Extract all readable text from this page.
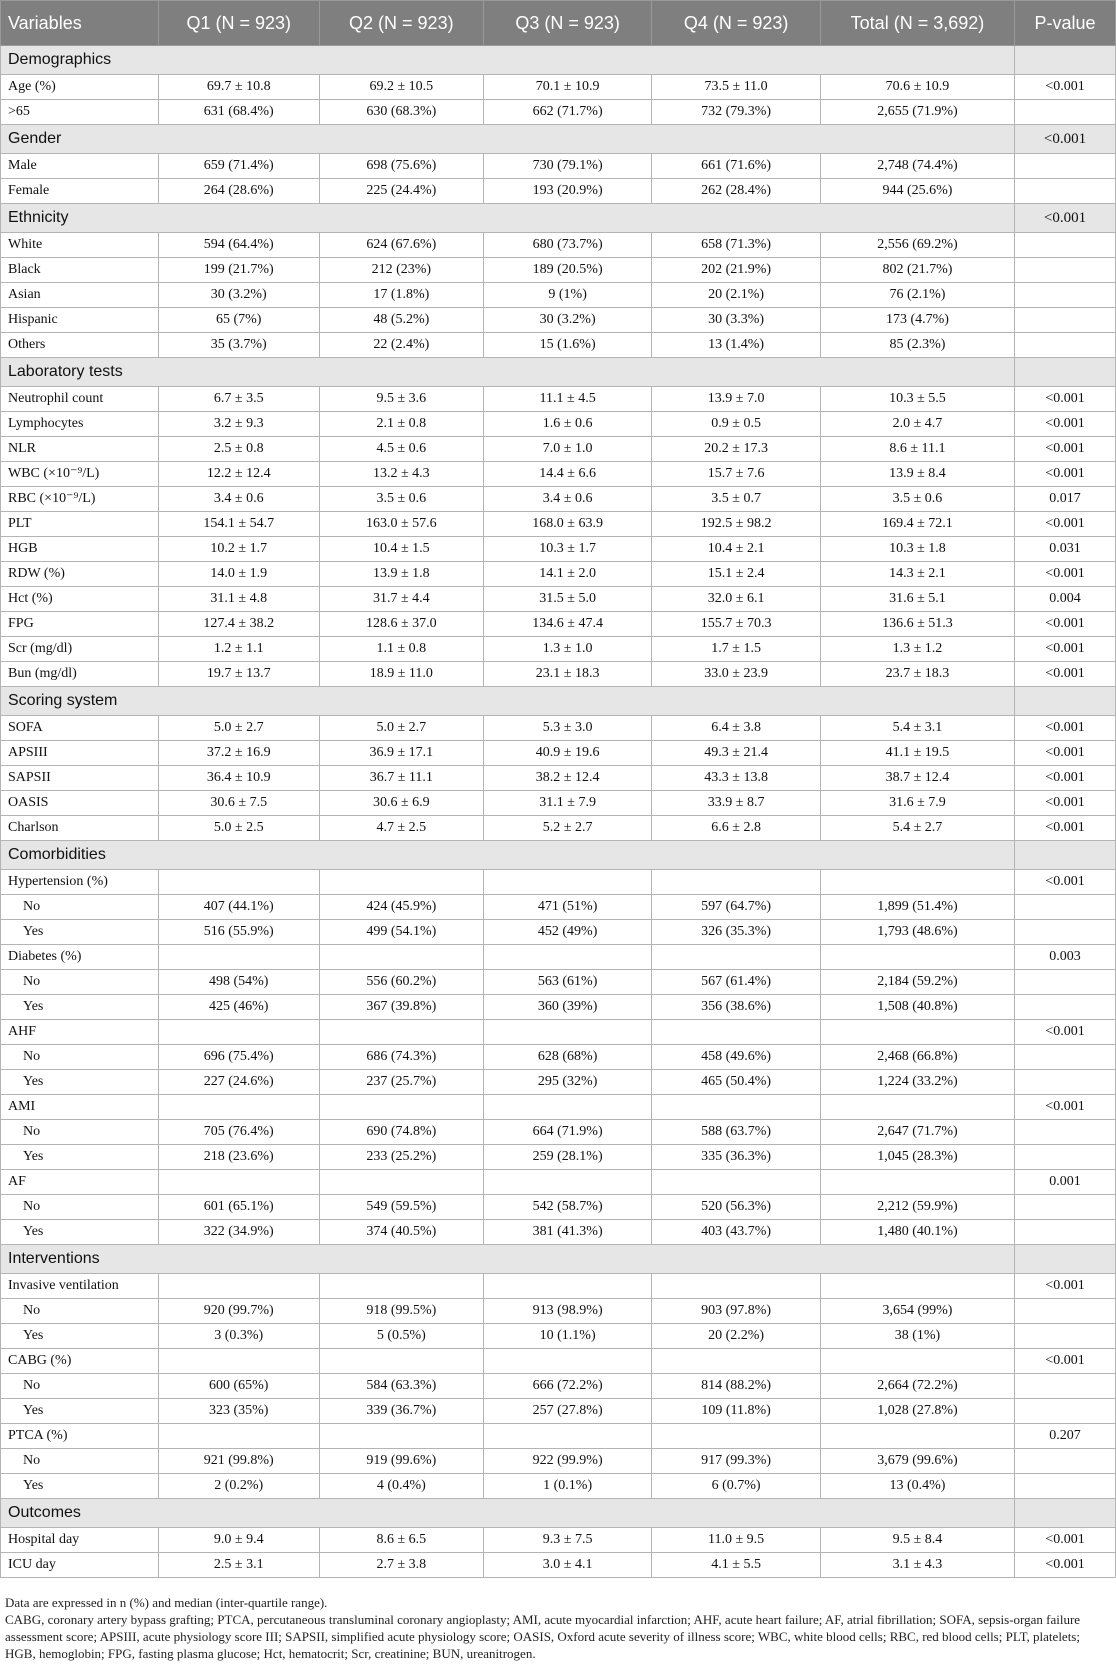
Variables	Q1 (N = 923)	Q2 (N = 923)	Q3 (N = 923)	Q4 (N = 923)	Total (N = 3,692)	P-value
Demographics						
Age (%)	69.7 ± 10.8	69.2 ± 10.5	70.1 ± 10.9	73.5 ± 11.0	70.6 ± 10.9	<0.001
>65	631 (68.4%)	630 (68.3%)	662 (71.7%)	732 (79.3%)	2,655 (71.9%)	
Gender						<0.001
Male	659 (71.4%)	698 (75.6%)	730 (79.1%)	661 (71.6%)	2,748 (74.4%)	
Female	264 (28.6%)	225 (24.4%)	193 (20.9%)	262 (28.4%)	944 (25.6%)	
Ethnicity						<0.001
White	594 (64.4%)	624 (67.6%)	680 (73.7%)	658 (71.3%)	2,556 (69.2%)	
Black	199 (21.7%)	212 (23%)	189 (20.5%)	202 (21.9%)	802 (21.7%)	
Asian	30 (3.2%)	17 (1.8%)	9 (1%)	20 (2.1%)	76 (2.1%)	
Hispanic	65 (7%)	48 (5.2%)	30 (3.2%)	30 (3.3%)	173 (4.7%)	
Others	35 (3.7%)	22 (2.4%)	15 (1.6%)	13 (1.4%)	85 (2.3%)	
Laboratory tests						
Neutrophil count	6.7 ± 3.5	9.5 ± 3.6	11.1 ± 4.5	13.9 ± 7.0	10.3 ± 5.5	<0.001
Lymphocytes	3.2 ± 9.3	2.1 ± 0.8	1.6 ± 0.6	0.9 ± 0.5	2.0 ± 4.7	<0.001
NLR	2.5 ± 0.8	4.5 ± 0.6	7.0 ± 1.0	20.2 ± 17.3	8.6 ± 11.1	<0.001
WBC (×10⁻⁹/L)	12.2 ± 12.4	13.2 ± 4.3	14.4 ± 6.6	15.7 ± 7.6	13.9 ± 8.4	<0.001
RBC (×10⁻⁹/L)	3.4 ± 0.6	3.5 ± 0.6	3.4 ± 0.6	3.5 ± 0.7	3.5 ± 0.6	0.017
PLT	154.1 ± 54.7	163.0 ± 57.6	168.0 ± 63.9	192.5 ± 98.2	169.4 ± 72.1	<0.001
HGB	10.2 ± 1.7	10.4 ± 1.5	10.3 ± 1.7	10.4 ± 2.1	10.3 ± 1.8	0.031
RDW (%)	14.0 ± 1.9	13.9 ± 1.8	14.1 ± 2.0	15.1 ± 2.4	14.3 ± 2.1	<0.001
Hct (%)	31.1 ± 4.8	31.7 ± 4.4	31.5 ± 5.0	32.0 ± 6.1	31.6 ± 5.1	0.004
FPG	127.4 ± 38.2	128.6 ± 37.0	134.6 ± 47.4	155.7 ± 70.3	136.6 ± 51.3	<0.001
Scr (mg/dl)	1.2 ± 1.1	1.1 ± 0.8	1.3 ± 1.0	1.7 ± 1.5	1.3 ± 1.2	<0.001
Bun (mg/dl)	19.7 ± 13.7	18.9 ± 11.0	23.1 ± 18.3	33.0 ± 23.9	23.7 ± 18.3	<0.001
Scoring system						
SOFA	5.0 ± 2.7	5.0 ± 2.7	5.3 ± 3.0	6.4 ± 3.8	5.4 ± 3.1	<0.001
APSIII	37.2 ± 16.9	36.9 ± 17.1	40.9 ± 19.6	49.3 ± 21.4	41.1 ± 19.5	<0.001
SAPSII	36.4 ± 10.9	36.7 ± 11.1	38.2 ± 12.4	43.3 ± 13.8	38.7 ± 12.4	<0.001
OASIS	30.6 ± 7.5	30.6 ± 6.9	31.1 ± 7.9	33.9 ± 8.7	31.6 ± 7.9	<0.001
Charlson	5.0 ± 2.5	4.7 ± 2.5	5.2 ± 2.7	6.6 ± 2.8	5.4 ± 2.7	<0.001
Comorbidities						
Hypertension (%)						<0.001
No	407 (44.1%)	424 (45.9%)	471 (51%)	597 (64.7%)	1,899 (51.4%)	
Yes	516 (55.9%)	499 (54.1%)	452 (49%)	326 (35.3%)	1,793 (48.6%)	
Diabetes (%)						0.003
No	498 (54%)	556 (60.2%)	563 (61%)	567 (61.4%)	2,184 (59.2%)	
Yes	425 (46%)	367 (39.8%)	360 (39%)	356 (38.6%)	1,508 (40.8%)	
AHF						<0.001
No	696 (75.4%)	686 (74.3%)	628 (68%)	458 (49.6%)	2,468 (66.8%)	
Yes	227 (24.6%)	237 (25.7%)	295 (32%)	465 (50.4%)	1,224 (33.2%)	
AMI						<0.001
No	705 (76.4%)	690 (74.8%)	664 (71.9%)	588 (63.7%)	2,647 (71.7%)	
Yes	218 (23.6%)	233 (25.2%)	259 (28.1%)	335 (36.3%)	1,045 (28.3%)	
AF						0.001
No	601 (65.1%)	549 (59.5%)	542 (58.7%)	520 (56.3%)	2,212 (59.9%)	
Yes	322 (34.9%)	374 (40.5%)	381 (41.3%)	403 (43.7%)	1,480 (40.1%)	
Interventions						
Invasive ventilation						<0.001
No	920 (99.7%)	918 (99.5%)	913 (98.9%)	903 (97.8%)	3,654 (99%)	
Yes	3 (0.3%)	5 (0.5%)	10 (1.1%)	20 (2.2%)	38 (1%)	
CABG (%)						<0.001
No	600 (65%)	584 (63.3%)	666 (72.2%)	814 (88.2%)	2,664 (72.2%)	
Yes	323 (35%)	339 (36.7%)	257 (27.8%)	109 (11.8%)	1,028 (27.8%)	
PTCA (%)						0.207
No	921 (99.8%)	919 (99.6%)	922 (99.9%)	917 (99.3%)	3,679 (99.6%)	
Yes	2 (0.2%)	4 (0.4%)	1 (0.1%)	6 (0.7%)	13 (0.4%)	
Outcomes						
Hospital day	9.0 ± 9.4	8.6 ± 6.5	9.3 ± 7.5	11.0 ± 9.5	9.5 ± 8.4	<0.001
ICU day	2.5 ± 3.1	2.7 ± 3.8	3.0 ± 4.1	4.1 ± 5.5	3.1 ± 4.3	<0.001

Data are expressed in n (%) and median (inter-quartile range).

CABG, coronary artery bypass grafting; PTCA, percutaneous transluminal coronary angioplasty; AMI, acute myocardial infarction; AHF, acute heart failure; AF, atrial fibrillation; SOFA, sepsis-organ failure assessment score; APSIII, acute physiology score III; SAPSII, simplified acute physiology score; OASIS, Oxford acute severity of illness score; WBC, white blood cells; RBC, red blood cells; PLT, platelets; HGB, hemoglobin; FPG, fasting plasma glucose; Hct, hematocrit; Scr, creatinine; BUN, ureanitrogen.
